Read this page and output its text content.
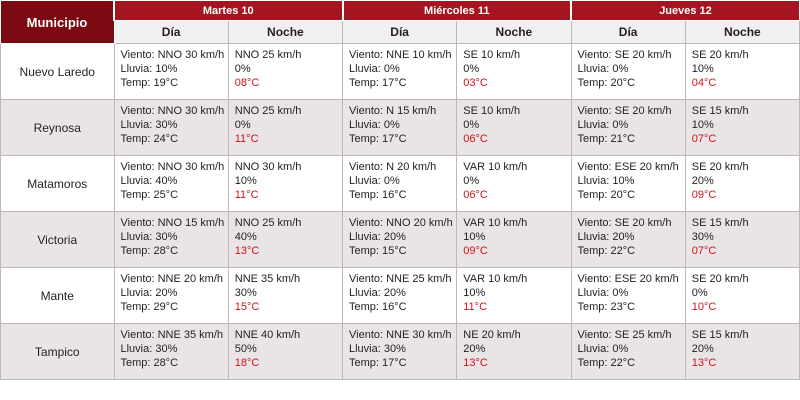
Municipio	Martes 10		Miércoles 11		Jueves 12	
	Día	Noche	Día	Noche	Día	Noche
Nuevo Laredo	
Viento: NNO 30 km/h
Lluvia: 10%
Temp: 19°C

NNO 25 km/h
0%
08°C

Viento: NNE 10 km/h
Lluvia: 0%
Temp: 17°C

SE 10 km/h
0%
03°C

Viento: SE 20 km/h
Lluvia: 0%
Temp: 20°C

SE 20 km/h
10%
04°C

Reynosa	
Viento: NNO 30 km/h
Lluvia: 30%
Temp: 24°C

NNO 25 km/h
0%
11°C

Viento: N 15 km/h
Lluvia: 0%
Temp: 17°C

SE 10 km/h
0%
06°C

Viento: SE 20 km/h
Lluvia: 0%
Temp: 21°C

SE 15 km/h
10%
07°C

Matamoros	
Viento: NNO 30 km/h
Lluvia: 40%
Temp: 25°C

NNO 30 km/h
10%
11°C

Viento: N 20 km/h
Lluvia: 0%
Temp: 16°C

VAR 10 km/h
0%
06°C

Viento: ESE 20 km/h
Lluvia: 10%
Temp: 20°C

SE 20 km/h
20%
09°C

Victoria	
Viento: NNO 15 km/h
Lluvia: 30%
Temp: 28°C

NNO 25 km/h
40%
13°C

Viento: NNO 20 km/h
Lluvia: 20%
Temp: 15°C

VAR 10 km/h
10%
09°C

Viento: SE 20 km/h
Lluvia: 20%
Temp: 22°C

SE 15 km/h
30%
07°C

Mante	
Viento: NNE 20 km/h
Lluvia: 20%
Temp: 29°C

NNE 35 km/h
30%
15°C

Viento: NNE 25 km/h
Lluvia: 20%
Temp: 16°C

VAR 10 km/h
10%
11°C

Viento: ESE 20 km/h
Lluvia: 0%
Temp: 23°C

SE 20 km/h
0%
10°C

Tampico	
Viento: NNE 35 km/h
Lluvia: 30%
Temp: 28°C

NNE 40 km/h
50%
18°C

Viento: NNE 30 km/h
Lluvia: 30%
Temp: 17°C

NE 20 km/h
20%
13°C

Viento: SE 25 km/h
Lluvia: 0%
Temp: 22°C

SE 15 km/h
20%
13°C
